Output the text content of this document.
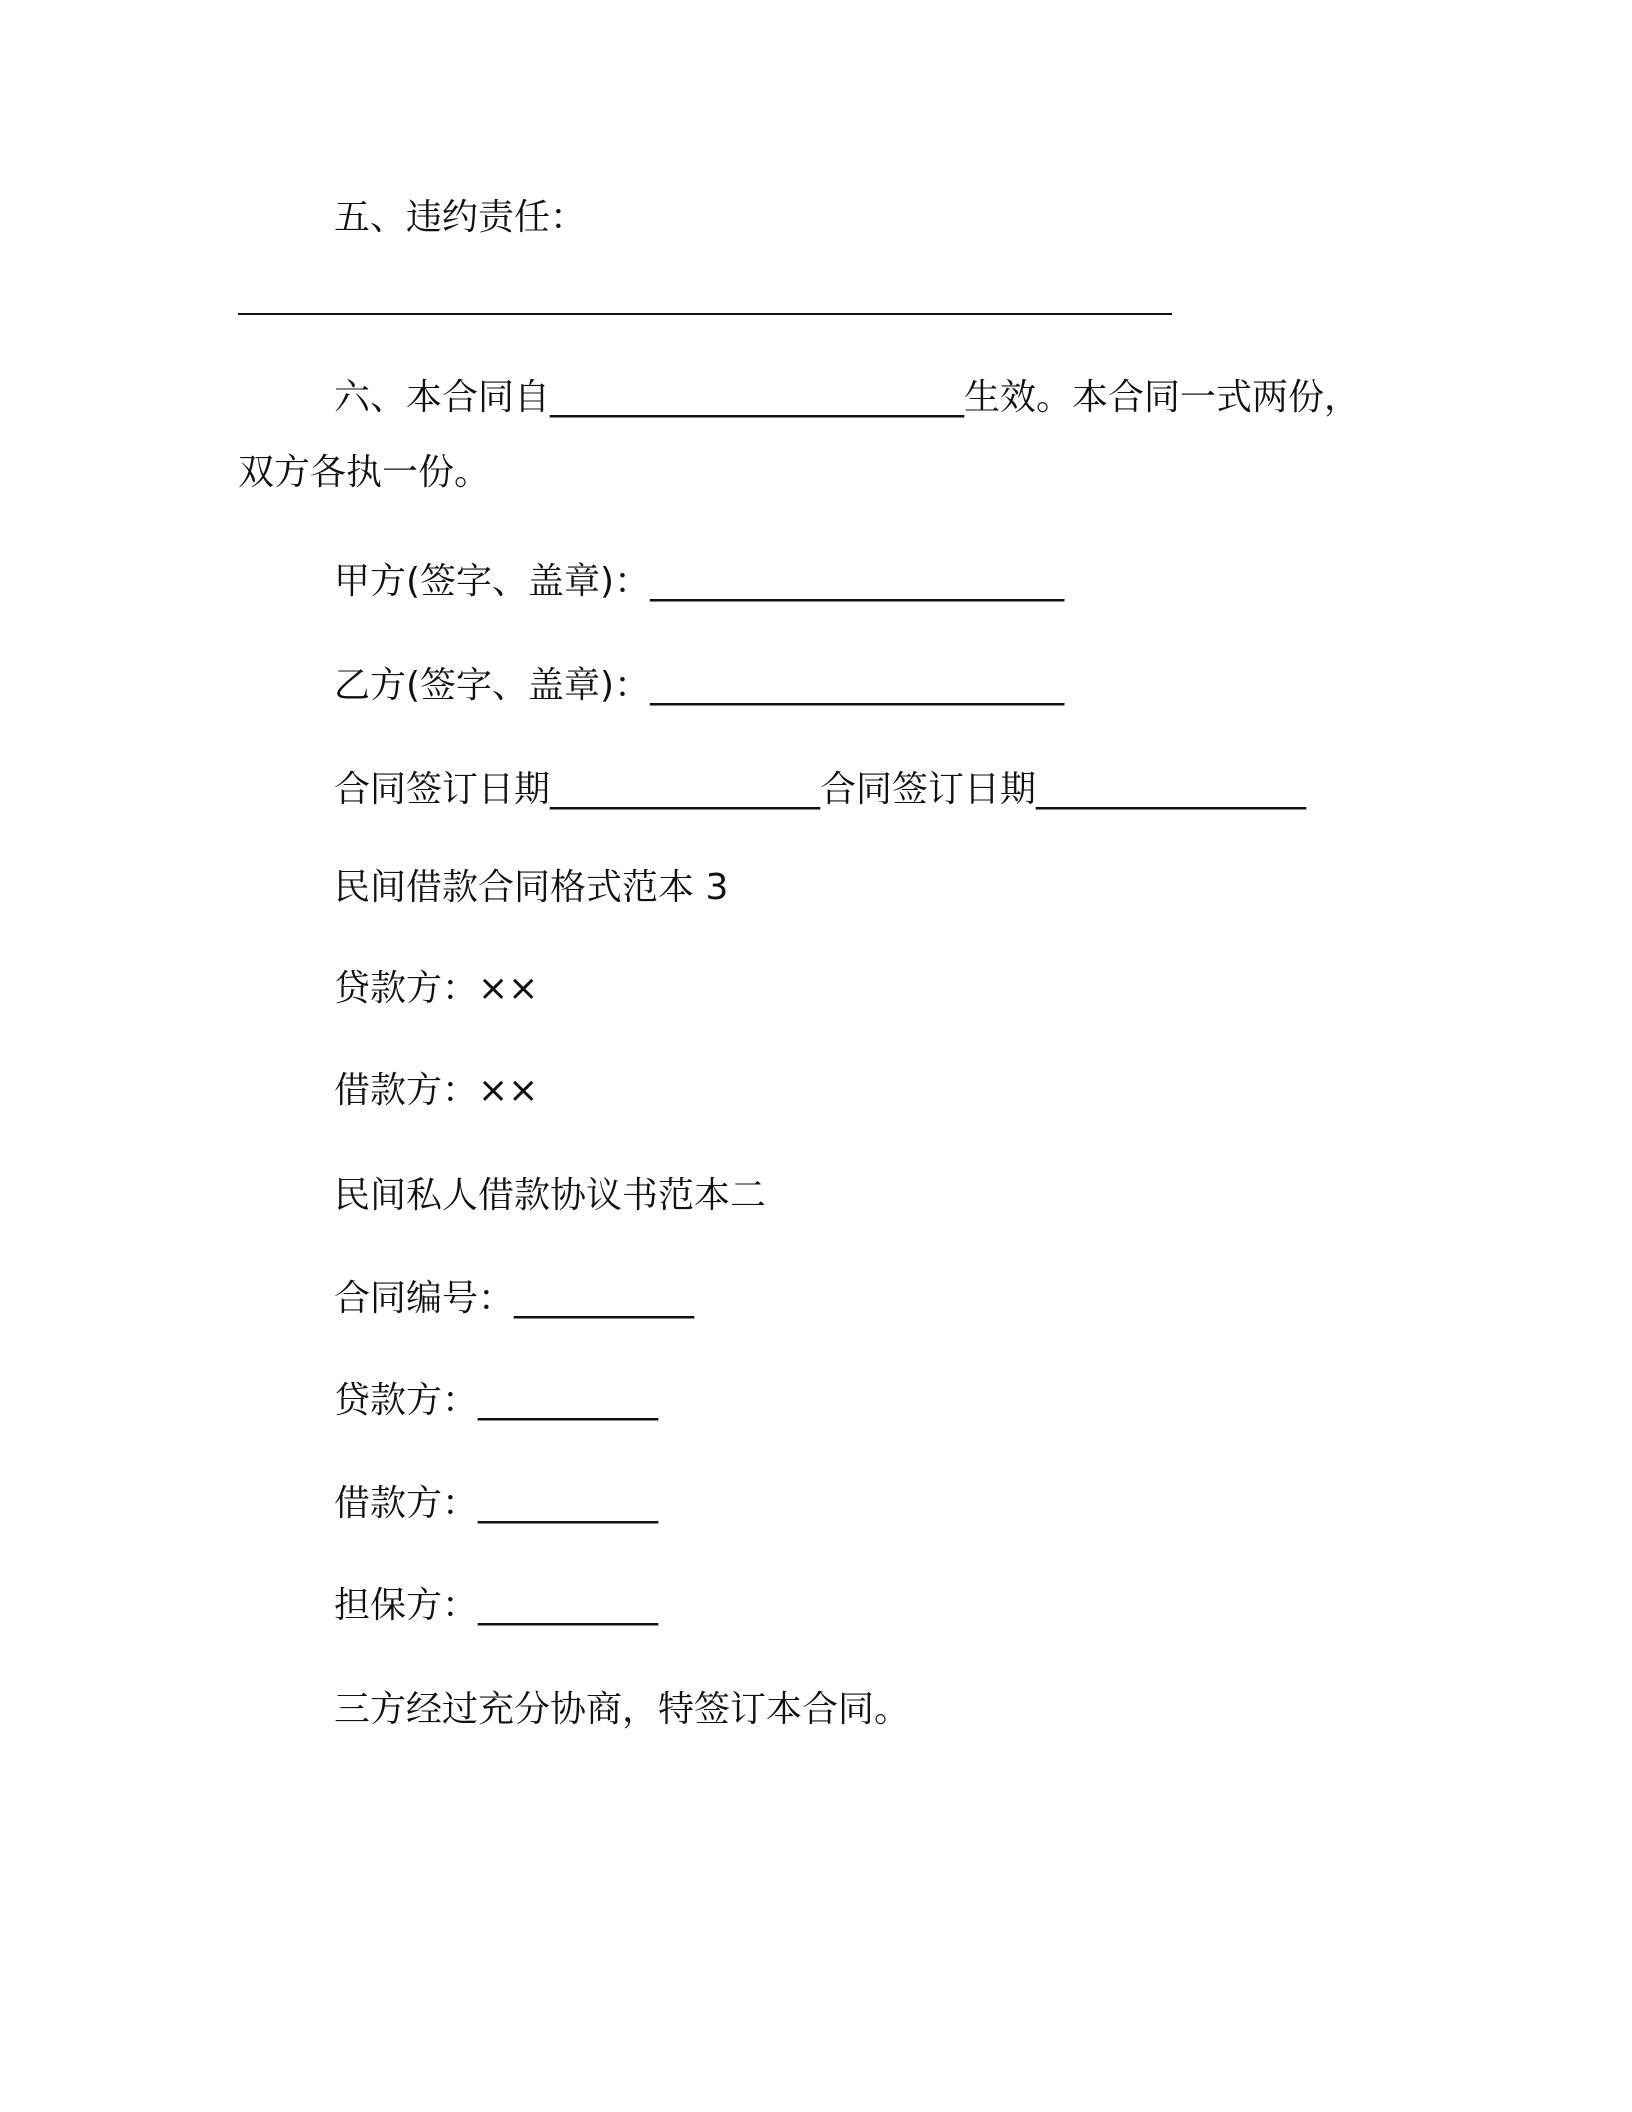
五、违约责任：

六、本合同自_______________________生效。本合同一式两份，

双方各执一份。

甲方(签字、盖章)：_______________________

乙方(签字、盖章)：_______________________

合同签订日期_______________合同签订日期_______________

民间借款合同格式范本 3

贷款方：××

借款方：××

民间私人借款协议书范本二

合同编号：__________

贷款方：__________

借款方：__________

担保方：__________

三方经过充分协商，特签订本合同。
